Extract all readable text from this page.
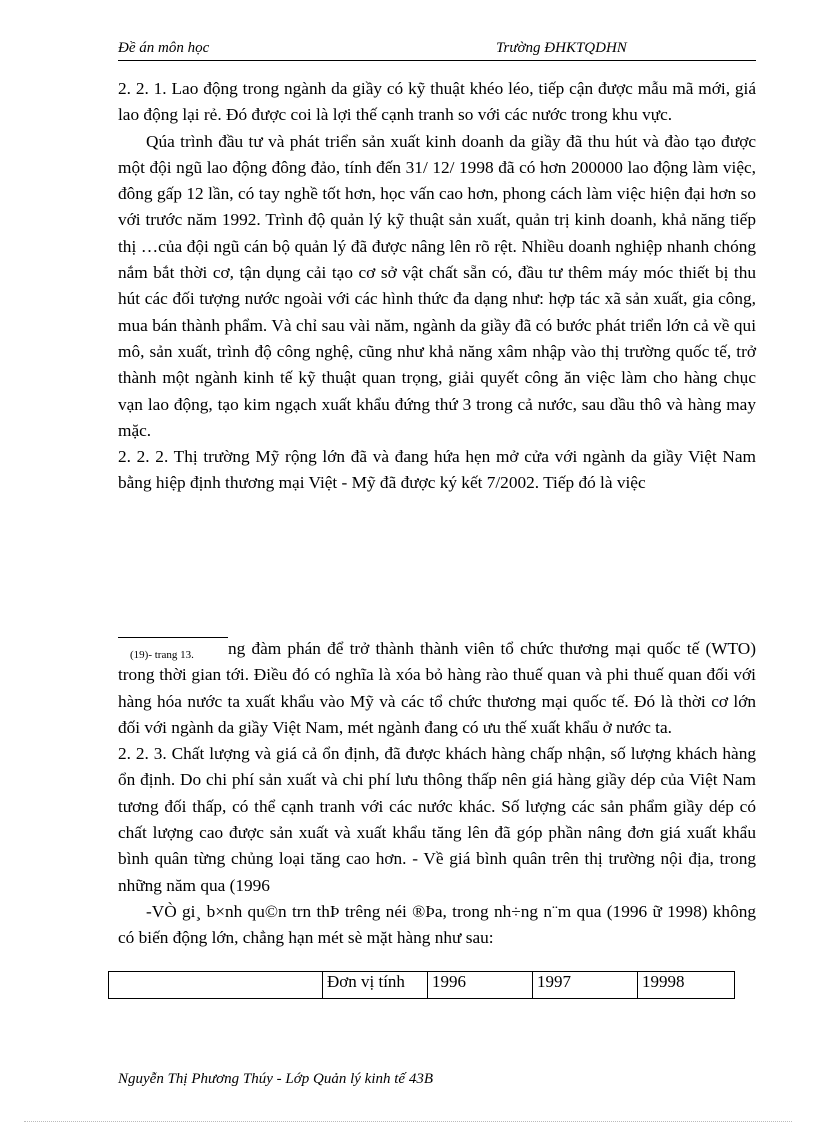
Đề án môn học	Trường ĐHKTQDHN

2. 2. 1. Lao động trong ngành da giầy có kỹ thuật khéo léo, tiếp cận được mẫu mã mới, giá lao động lại rẻ. Đó được coi là lợi thế cạnh tranh so với các nước trong khu vực.

Qúa trình đầu tư và phát triển sản xuất kinh doanh da giầy đã thu hút và đào tạo được một đội ngũ lao động đông đảo, tính đến 31/ 12/ 1998 đã có hơn 200000 lao động làm việc, đông gấp 12 lần, có tay nghề tốt hơn, học vấn cao hơn, phong cách làm việc hiện đại hơn so với trước năm 1992. Trình độ quản lý kỹ thuật sản xuất, quản trị kinh doanh, khả năng tiếp thị …của đội ngũ cán bộ quản lý đã được nâng lên rõ rệt. Nhiều doanh nghiệp nhanh chóng nắm bắt thời cơ, tận dụng cải tạo cơ sở vật chất sẵn có, đầu tư thêm máy móc thiết bị thu hút các đối tượng nước ngoài với các hình thức đa dạng như: hợp tác xã sản xuất, gia công, mua bán thành phẩm. Và chỉ sau vài năm, ngành da giầy đã có bước phát triển lớn cả về qui mô, sản xuất, trình độ công nghệ, cũng như khả năng xâm nhập vào thị trường quốc tế, trở thành một ngành kinh tế kỹ thuật quan trọng, giải quyết công ăn việc làm cho hàng chục vạn lao động, tạo kim ngạch xuất khẩu đứng thứ 3 trong cả nước, sau dầu thô và hàng may mặc.

2. 2. 2. Thị trường Mỹ rộng lớn đã và đang hứa hẹn mở cửa với ngành da giầy Việt Nam bằng hiệp định thương mại Việt - Mỹ đã được ký kết 7/2002. Tiếp đó là việc

(19)- trang 13.	ng đàm phán để trở thành thành viên tổ chức thương mại quốc tế (WTO) trong thời gian tới. Điều đó có nghĩa là xóa bỏ hàng rào thuế quan và phi thuế quan đối với hàng hóa nước ta xuất khẩu vào Mỹ và các tổ chức thương mại quốc tế. Đó là thời cơ lớn đối với ngành da giầy Việt Nam, mét ngành đang có ưu thế xuất khẩu ở nước ta.

2. 2. 3. Chất lượng và giá cả ổn định, đã được khách hàng chấp nhận, số lượng khách hàng ổn định. Do chi phí sản xuất và chi phí lưu thông thấp nên giá hàng giầy dép của Việt Nam tương đối thấp, có thể cạnh tranh với các nước khác. Số lượng các sản phẩm giầy dép có chất lượng cao được sản xuất và xuất khẩu tăng lên đã góp phần nâng đơn giá xuất khẩu bình quân từng chủng loại tăng cao hơn. - Về giá bình quân trên thị trường nội địa, trong những năm qua (1996

-VÒ gi¸ b×nh qu©n trn thÞ trêng néi ®Þa, trong nh÷ng n¨m qua (1996 ữ 1998) không có biến động lớn, chẳng hạn mét sè mặt hàng như sau:

	Đơn vị tính	1996	1997	19998
Nguyễn Thị Phương Thúy - Lớp Quản lý kinh tế 43B
